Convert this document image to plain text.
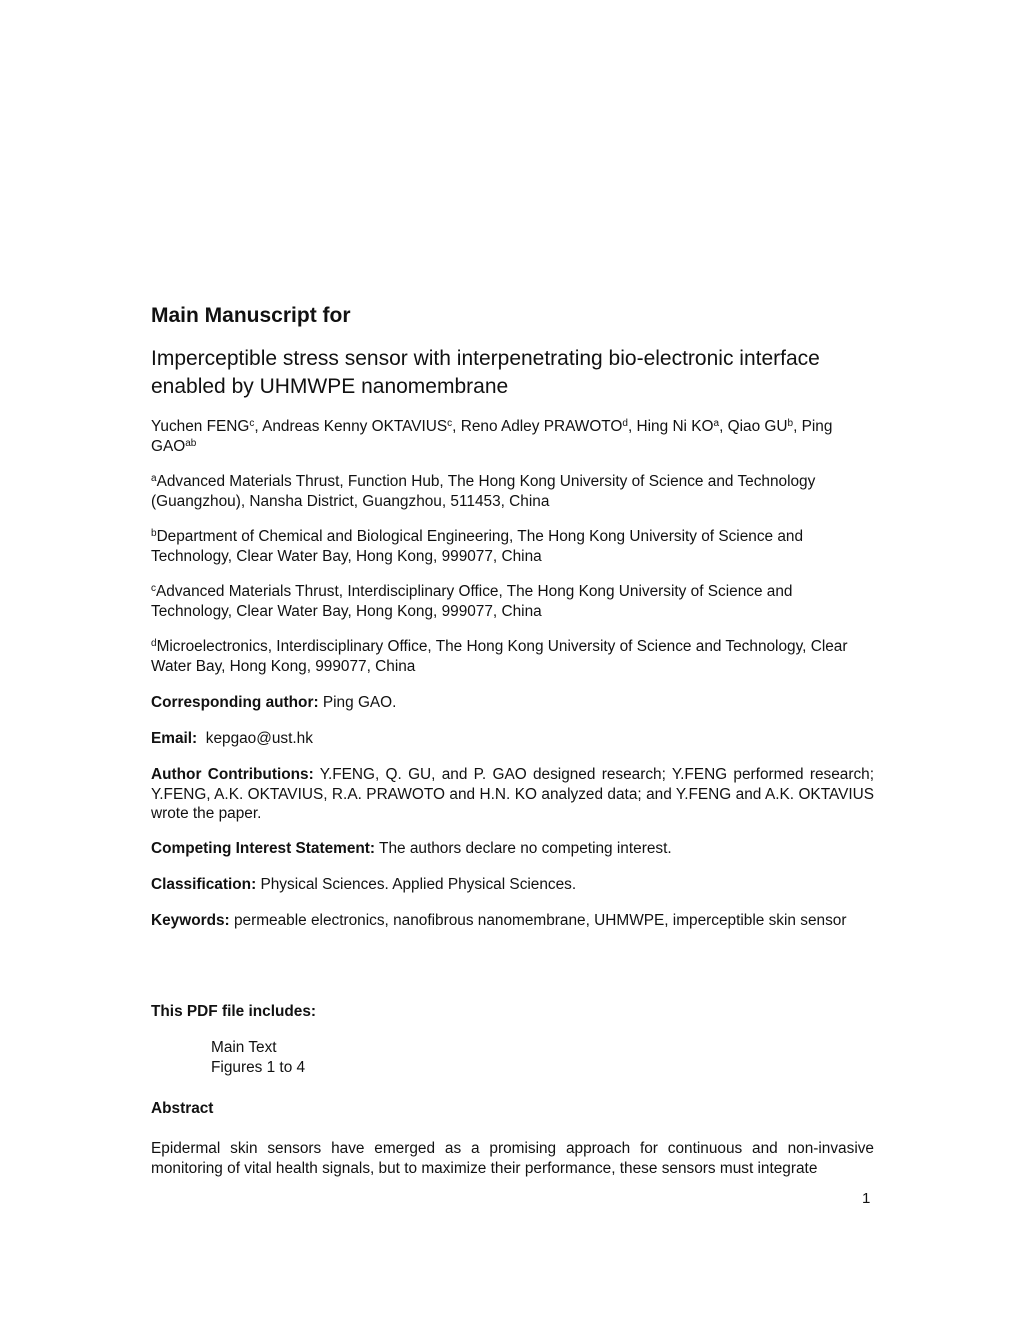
Main Manuscript for
Imperceptible stress sensor with interpenetrating bio-electronic interface enabled by UHMWPE nanomembrane
Yuchen FENG$^c$, Andreas Kenny OKTAVIUS$^c$, Reno Adley PRAWOTO$^d$, Hing Ni $KO^a$, Qiao $GU^b$, Ping $GAO^{ab}$
$^a$Advanced Materials Thrust, Function Hub, The Hong Kong University of Science and Technology (Guangzhou), Nansha District, Guangzhou, 511453, China
$^b$Department of Chemical and Biological Engineering, The Hong Kong University of Science and Technology, Clear Water Bay, Hong Kong, 999077, China
$^c$Advanced Materials Thrust, Interdisciplinary Office, The Hong Kong University of Science and Technology, Clear Water Bay, Hong Kong, 999077, China
$^d$Microelectronics, Interdisciplinary Office, The Hong Kong University of Science and Technology, Clear Water Bay, Hong Kong, 999077, China
Corresponding author: Ping GAO.
Email: kepgao@ust.hk
Author Contributions: Y.FENG, Q. GU, and P. GAO designed research; Y.FENG performed research; Y.FENG, A.K. OKTAVIUS, R.A. PRAWOTO and H.N. KO analyzed data; and Y.FENG and A.K. OKTAVIUS wrote the paper.
Competing Interest Statement: The authors declare no competing interest.
Classification: Physical Sciences. Applied Physical Sciences.
Keywords: permeable electronics, nanofibrous nanomembrane, UHMWPE, imperceptible skin sensor
This PDF file includes:
Main Text
Figures 1 to 4
Abstract
Epidermal skin sensors have emerged as a promising approach for continuous and non-invasive monitoring of vital health signals, but to maximize their performance, these sensors must integrate
1
